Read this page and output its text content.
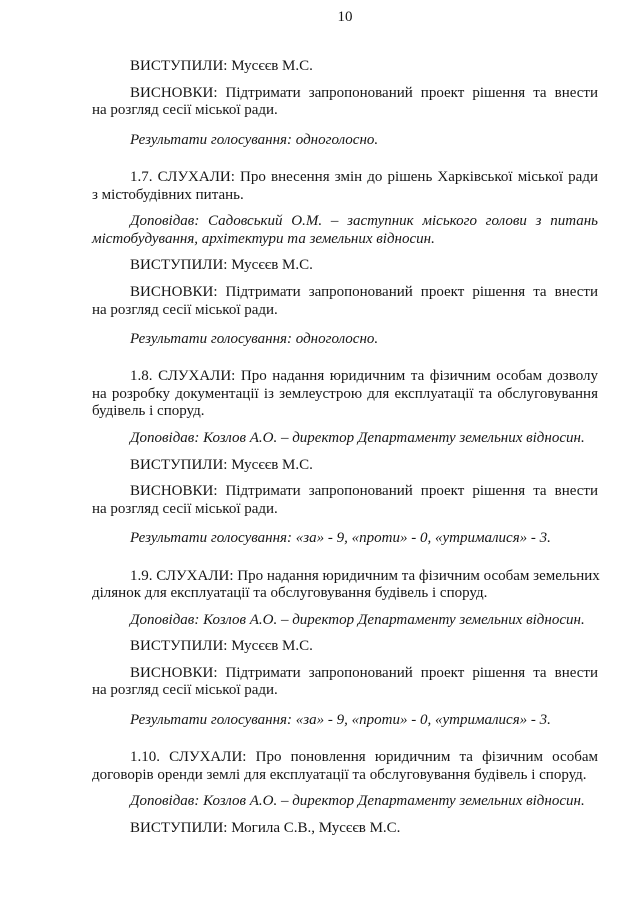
10
ВИСТУПИЛИ: Мусєєв М.С.
ВИСНОВКИ: Підтримати запропонований проект рішення та внести
на розгляд сесії міської ради.
Результати голосування: одноголосно.
1.7. СЛУХАЛИ: Про внесення змін до рішень Харківської міської ради
з містобудівних питань.
Доповідав: Садовський О.М. – заступник міського голови з питань
містобудування, архітектури та земельних відносин.
ВИСТУПИЛИ: Мусєєв М.С.
ВИСНОВКИ: Підтримати запропонований проект рішення та внести
на розгляд сесії міської ради.
Результати голосування: одноголосно.
1.8. СЛУХАЛИ: Про надання юридичним та фізичним особам дозволу
на розробку документації із землеустрою для експлуатації та обслуговування
будівель і споруд.
Доповідав: Козлов А.О. – директор Департаменту земельних відносин.
ВИСТУПИЛИ: Мусєєв М.С.
ВИСНОВКИ: Підтримати запропонований проект рішення та внести
на розгляд сесії міської ради.
Результати голосування: «за» - 9, «проти» - 0, «утрималися» - 3.
1.9. СЛУХАЛИ: Про надання юридичним та фізичним особам земельних
ділянок для експлуатації та обслуговування будівель і споруд.
Доповідав: Козлов А.О. – директор Департаменту земельних відносин.
ВИСТУПИЛИ: Мусєєв М.С.
ВИСНОВКИ: Підтримати запропонований проект рішення та внести
на розгляд сесії міської ради.
Результати голосування: «за» - 9, «проти» - 0, «утрималися» - 3.
1.10. СЛУХАЛИ: Про поновлення юридичним та фізичним особам
договорів оренди землі для експлуатації та обслуговування будівель і споруд.
Доповідав: Козлов А.О. – директор Департаменту земельних відносин.
ВИСТУПИЛИ: Могила С.В., Мусєєв М.С.
